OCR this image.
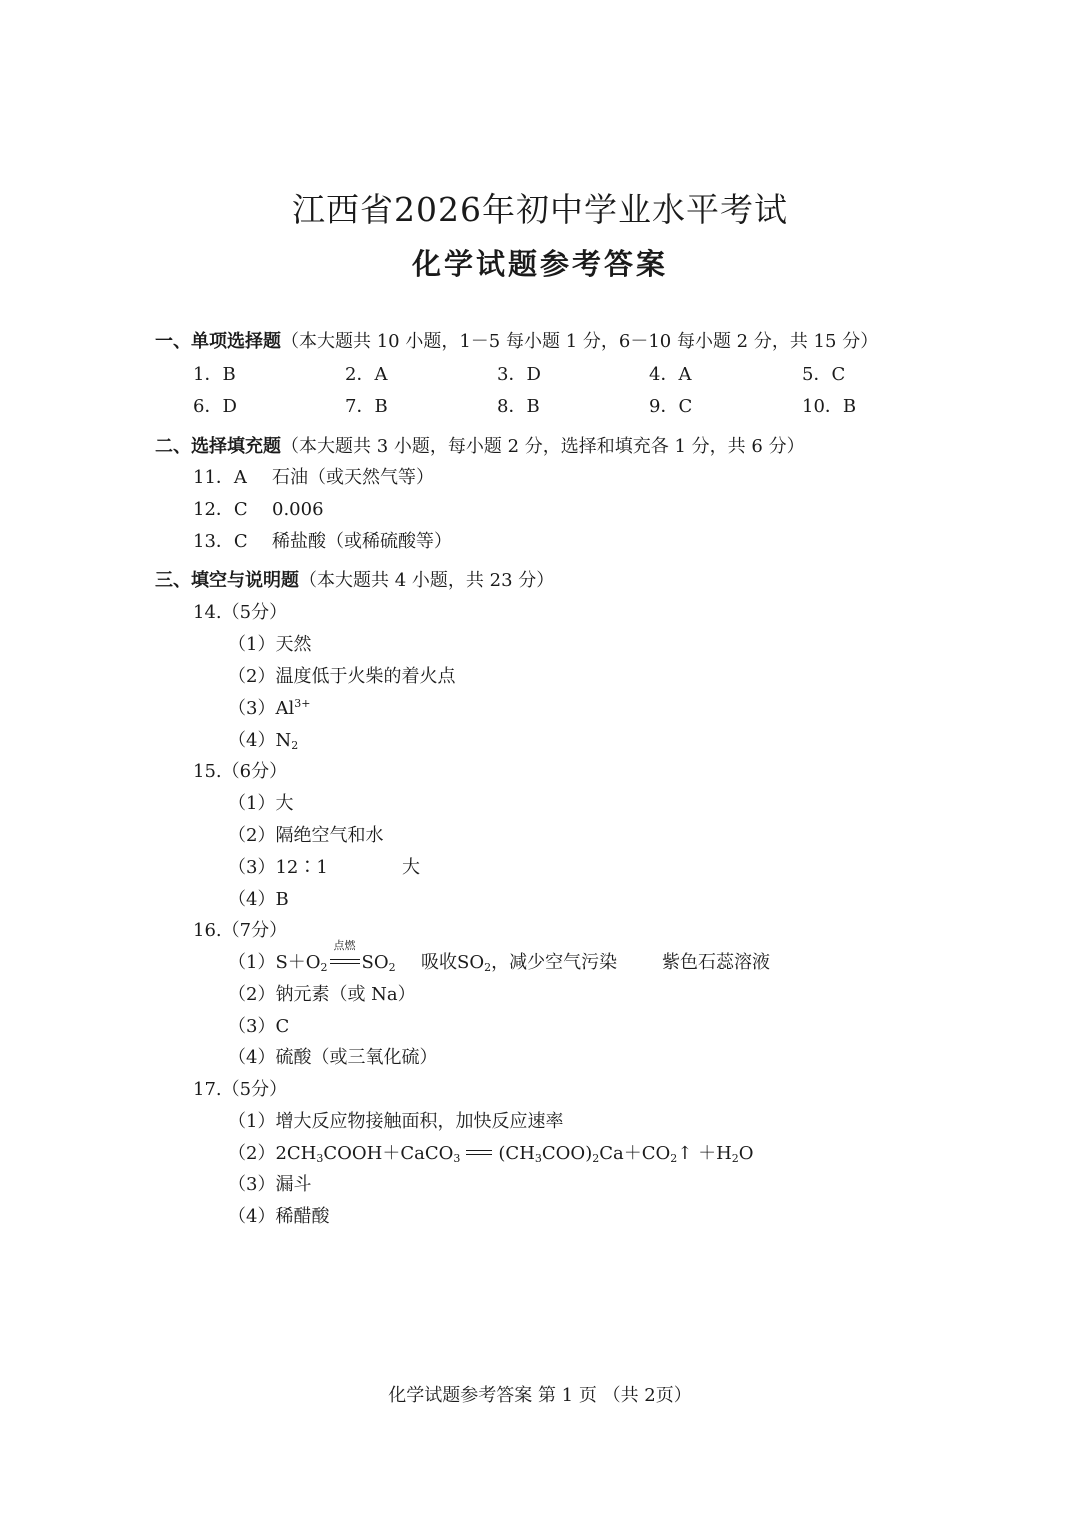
江西省2026年初中学业水平考试
化学试题参考答案
一、单项选择题（本大题共 10 小题，1－5 每小题 1 分，6－10 每小题 2 分，共 15 分）
1．B	2．A	3．D	4．A	5．C
6．D	7．B	8．B	9．C	10．B
二、选择填充题（本大题共 3 小题，每小题 2 分，选择和填充各 1 分，共 6 分）
11．A 石油（或天然气等）
12．C 0.006
13．C 稀盐酸（或稀硫酸等）
三、填空与说明题（本大题共 4 小题，共 23 分）
14.（5分）
（1）天然
（2）温度低于火柴的着火点
$(3)Al^{3+}$
$(4)N_2$
15.（6分）
（1）大
（2）隔绝空气和水
（3）12∶1	大
（4）B
16.（7分）
$(1)S+O_2$
点燃
$SO_2$ 吸收$SO_2$，减少空气污染 紫色石蕊溶液
（2）钠元素（或 Na）
（3）C
（4）硫酸（或三氧化硫）
17.（5分）
（1）增大反应物接触面积，加快反应速率
$(2)2CH_3COOH+CaCO_3$ $(CH_3COO)_2Ca+CO_2↑ +H_2O$
（3）漏斗
（4）稀醋酸
化学试题参考答案 第 1 页 （共 2页）
